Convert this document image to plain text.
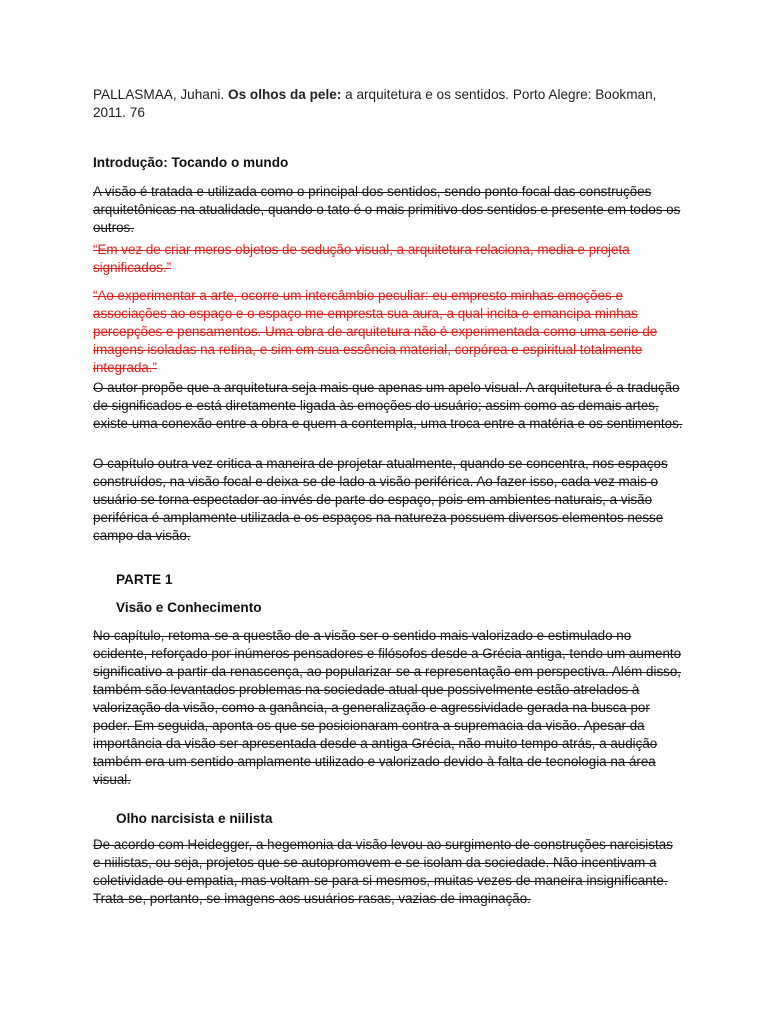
PALLASMAA, Juhani. Os olhos da pele: a arquitetura e os sentidos. Porto Alegre: Bookman, 2011. 76
Introdução: Tocando o mundo
A visão é tratada e utilizada como o principal dos sentidos, sendo ponto focal das construções arquitetônicas na atualidade, quando o tato é o mais primitivo dos sentidos e presente em todos os outros.
“Em vez de criar meros objetos de sedução visual, a arquitetura relaciona, media e projeta significados.”
“Ao experimentar a arte, ocorre um intercâmbio peculiar: eu empresto minhas emoções e associações ao espaço e o espaço me empresta sua aura, a qual incita e emancipa minhas percepções e pensamentos. Uma obra de arquitetura não é experimentada como uma serie de imagens isoladas na retina, e sim em sua essência material, corpórea e espiritual totalmente integrada.”
O autor propõe que a arquitetura seja mais que apenas um apelo visual. A arquitetura é a tradução de significados e está diretamente ligada às emoções do usuário; assim como as demais artes, existe uma conexão entre a obra e quem a contempla, uma troca entre a matéria e os sentimentos.
O capítulo outra vez critica a maneira de projetar atualmente, quando se concentra, nos espaços construídos, na visão focal e deixa-se de lado a visão periférica. Ao fazer isso, cada vez mais o usuário se torna espectador ao invés de parte do espaço, pois em ambientes naturais, a visão periférica é amplamente utilizada e os espaços na natureza possuem diversos elementos nesse campo da visão.
PARTE 1
Visão e Conhecimento
No capítulo, retoma-se a questão de a visão ser o sentido mais valorizado e estimulado no ocidente, reforçado por inúmeros pensadores e filósofos desde a Grécia antiga, tendo um aumento significativo a partir da renascença, ao popularizar-se a representação em perspectiva. Além disso, também são levantados problemas na sociedade atual que possivelmente estão atrelados à valorização da visão, como a ganância, a generalização e agressividade gerada na busca por poder. Em seguida, aponta os que se posicionaram contra a supremacia da visão. Apesar da importância da visão ser apresentada desde a antiga Grécia, não muito tempo atrás, a audição também era um sentido amplamente utilizado e valorizado devido à falta de tecnologia na área visual.
Olho narcisista e niilista
De acordo com Heidegger, a hegemonia da visão levou ao surgimento de construções narcisistas e niilistas, ou seja, projetos que se autopromovem e se isolam da sociedade. Não incentivam a coletividade ou empatia, mas voltam-se para si mesmos, muitas vezes de maneira insignificante. Trata-se, portanto, se imagens aos usuários rasas, vazias de imaginação.
